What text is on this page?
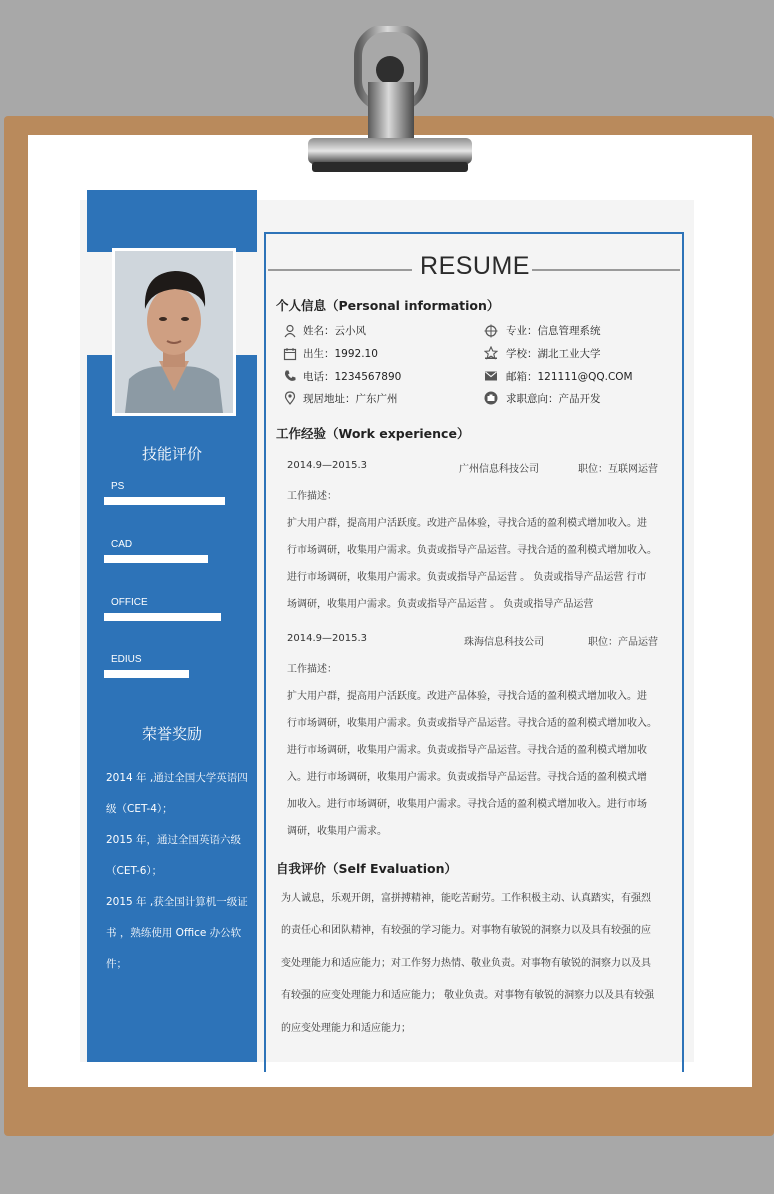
技能评价
PS
CAD
OFFICE
EDIUS
荣誉奖励
2014 年 ,通过全国大学英语四
级（CET-4）；
2015 年，通过全国英语六级
（CET-6）；
2015 年 ,获全国计算机一级证
书 ，熟练使用 Office 办公软
件；
RESUME
个人信息（Personal information）
姓名：云小风
出生：1992.10
电话：1234567890
现居地址：广东广州
专业：信息管理系统
学校：湖北工业大学
邮箱：121111@QQ.COM
求职意向：产品开发
工作经验（Work experience）
2014.9—2015.3	广州信息科技公司	职位：互联网运营
工作描述：
扩大用户群，提高用户活跃度。改进产品体验，寻找合适的盈利模式增加收入。进
行市场调研，收集用户需求。负责或指导产品运营。寻找合适的盈利模式增加收入。
进行市场调研，收集用户需求。负责或指导产品运营 。 负责或指导产品运营 行市
场调研，收集用户需求。负责或指导产品运营 。 负责或指导产品运营
2014.9—2015.3	珠海信息科技公司	职位：产品运营
工作描述：
扩大用户群，提高用户活跃度。改进产品体验，寻找合适的盈利模式增加收入。进
行市场调研，收集用户需求。负责或指导产品运营。寻找合适的盈利模式增加收入。
进行市场调研，收集用户需求。负责或指导产品运营。寻找合适的盈利模式增加收
入。进行市场调研，收集用户需求。负责或指导产品运营。寻找合适的盈利模式增
加收入。进行市场调研，收集用户需求。寻找合适的盈利模式增加收入。进行市场
调研，收集用户需求。
自我评价（Self Evaluation）
为人诚息，乐观开朗，富拼搏精神，能吃苦耐劳。工作积极主动、认真踏实，有强烈
的责任心和团队精神，有较强的学习能力。对事物有敏锐的洞察力以及具有较强的应
变处理能力和适应能力；对工作努力热情、敬业负责。对事物有敏锐的洞察力以及具
有较强的应变处理能力和适应能力； 敬业负责。对事物有敏锐的洞察力以及具有较强
的应变处理能力和适应能力；
